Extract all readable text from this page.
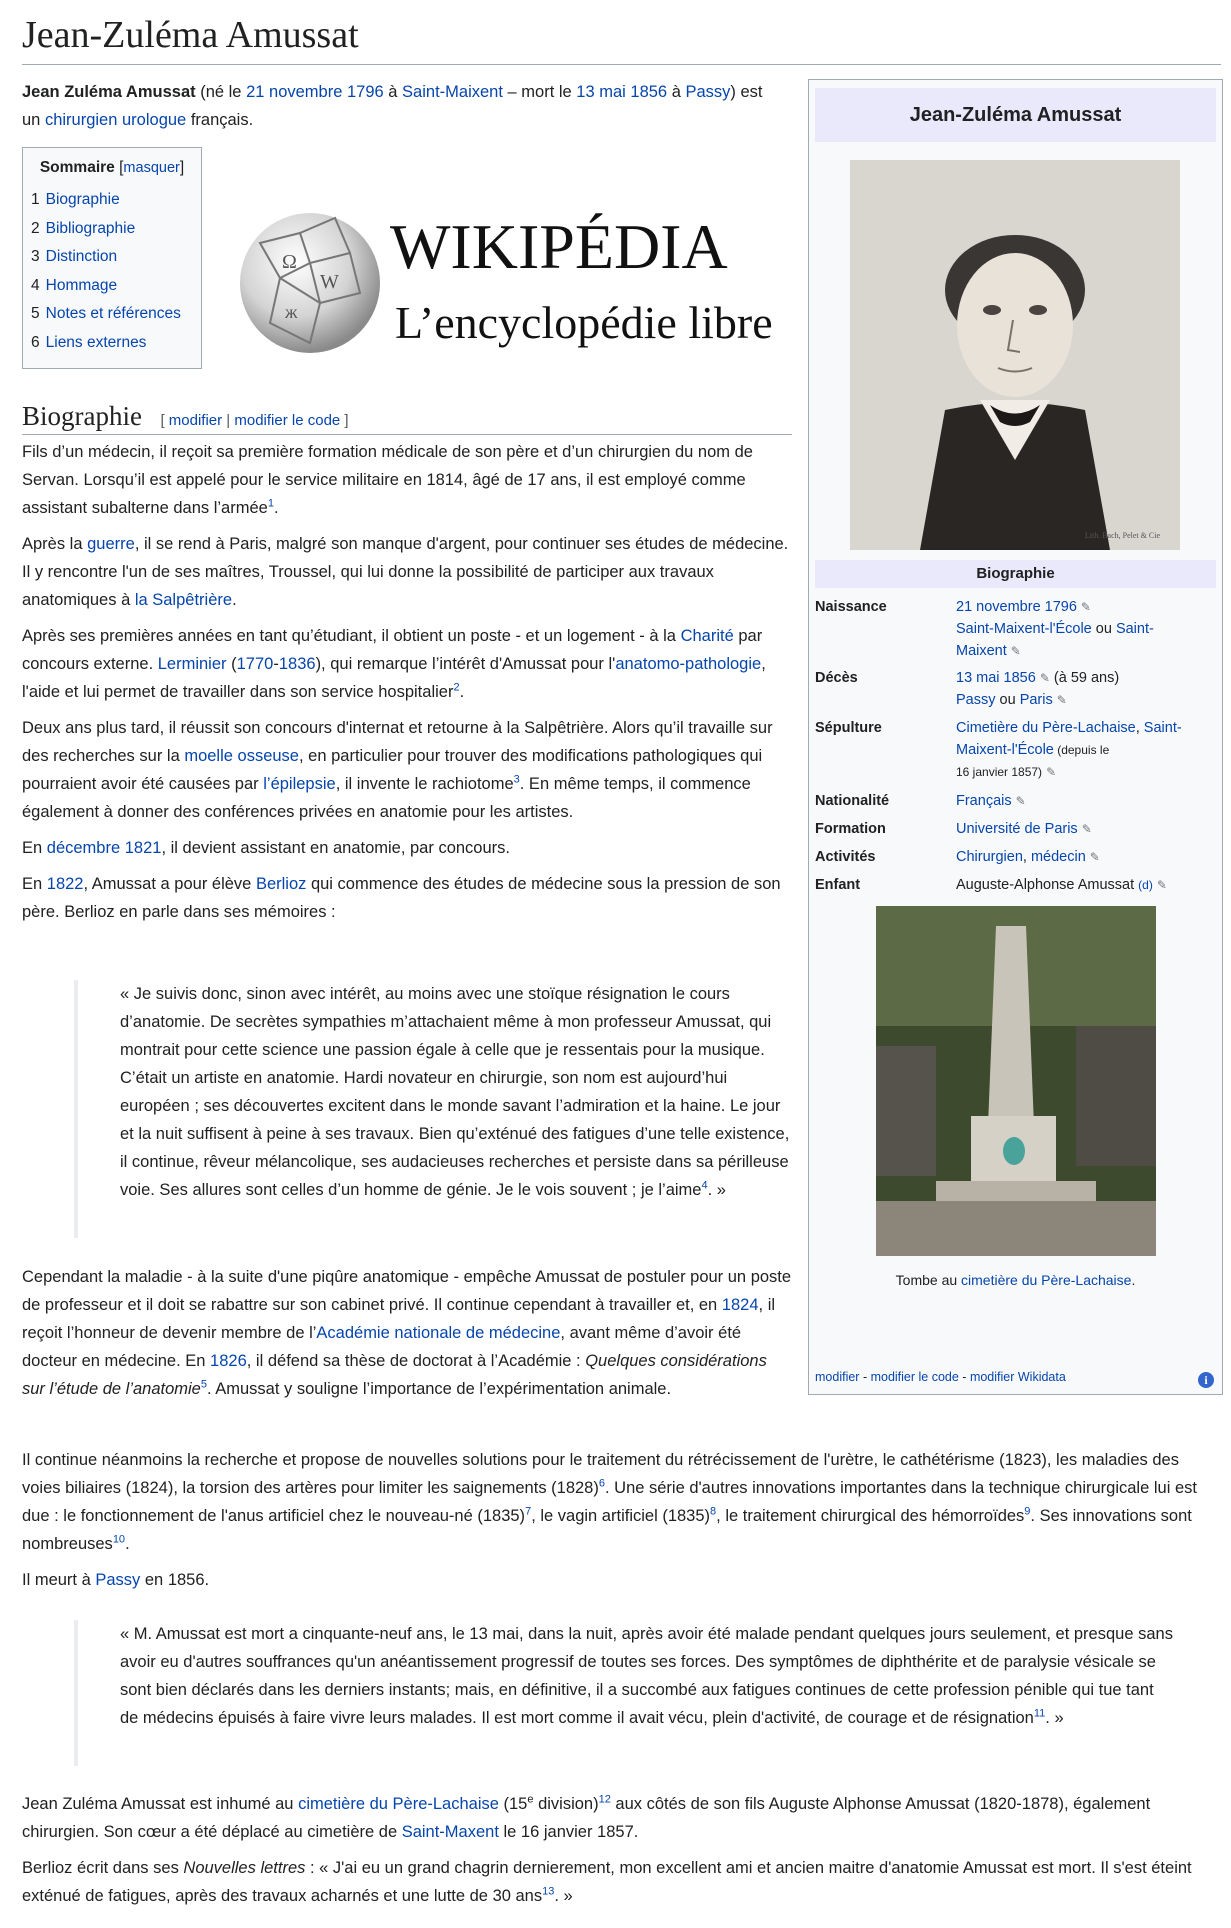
Jean-Zuléma Amussat

Jean Zuléma Amussat (né le 21 novembre 1796 à Saint-Maixent – mort le 13 mai 1856 à Passy) est un chirurgien urologue français.

Sommaire [masquer]
1 Biographie
2 Bibliographie
3 Distinction
4 Hommage
5 Notes et références
6 Liens externes
Ω
W
ж
WIKIPÉDIA
L’encyclopédie libre
Biographie [ modifier | modifier le code ]

Fils d’un médecin, il reçoit sa première formation médicale de son père et d’un chirurgien du nom de Servan. Lorsqu’il est appelé pour le service militaire en 1814, âgé de 17 ans, il est employé comme assistant subalterne dans l’armée$^1$.

Après la guerre, il se rend à Paris, malgré son manque d'argent, pour continuer ses études de médecine. Il y rencontre l'un de ses maîtres, Troussel, qui lui donne la possibilité de participer aux travaux anatomiques à la Salpêtrière.

Après ses premières années en tant qu’étudiant, il obtient un poste - et un logement - à la Charité par concours externe. Lerminier (1770-1836), qui remarque l’intérêt d'Amussat pour l'anatomo-pathologie, l'aide et lui permet de travailler dans son service hospitalier$^2$.

Deux ans plus tard, il réussit son concours d'internat et retourne à la Salpêtrière. Alors qu’il travaille sur des recherches sur la moelle osseuse, en particulier pour trouver des modifications pathologiques qui pourraient avoir été causées par l’épilepsie, il invente le rachiotome$^3$. En même temps, il commence également à donner des conférences privées en anatomie pour les artistes.

En décembre 1821, il devient assistant en anatomie, par concours.

En 1822, Amussat a pour élève Berlioz qui commence des études de médecine sous la pression de son père. Berlioz en parle dans ses mémoires :

« Je suivis donc, sinon avec intérêt, au moins avec une stoïque résignation le cours d’anatomie. De secrètes sympathies m’attachaient même à mon professeur Amussat, qui montrait pour cette science une passion égale à celle que je ressentais pour la musique. C’était un artiste en anatomie. Hardi novateur en chirurgie, son nom est aujourd’hui européen ; ses découvertes excitent dans le monde savant l’admiration et la haine. Le jour et la nuit suffisent à peine à ses travaux. Bien qu’exténué des fatigues d’une telle existence, il continue, rêveur mélancolique, ses audacieuses recherches et persiste dans sa périlleuse voie. Ses allures sont celles d’un homme de génie. Je le vois souvent ; je l’aime$^4$. »

Cependant la maladie - à la suite d'une piqûre anatomique - empêche Amussat de postuler pour un poste de professeur et il doit se rabattre sur son cabinet privé. Il continue cependant à travailler et, en 1824, il reçoit l’honneur de devenir membre de l’Académie nationale de médecine, avant même d’avoir été docteur en médecine. En 1826, il défend sa thèse de doctorat à l’Académie : Quelques considérations sur l’étude de l’anatomie$^5$. Amussat y souligne l’importance de l’expérimentation animale.

Il continue néanmoins la recherche et propose de nouvelles solutions pour le traitement du rétrécissement de l'urètre, le cathétérisme (1823), les maladies des voies biliaires (1824), la torsion des artères pour limiter les saignements $(1828)^6$. Une série d'autres innovations importantes dans la technique chirurgicale lui est due : le fonctionnement de l'anus artificiel chez le nouveau-né $(1835)^7$, le vagin artificiel $(1835)^8$, le traitement chirurgical des hémorroïdes$^9$. Ses innovations sont nombreuses$^{10}$.

Il meurt à Passy en 1856.

« M. Amussat est mort a cinquante-neuf ans, le 13 mai, dans la nuit, après avoir été malade pendant quelques jours seulement, et presque sans avoir eu d'autres souffrances qu'un anéantissement progressif de toutes ses forces. Des symptômes de diphthérite et de paralysie vésicale se sont bien déclarés dans les derniers instants; mais, en définitive, il a succombé aux fatigues continues de cette profession pénible qui tue tant de médecins épuisés à faire vivre leurs malades. Il est mort comme il avait vécu, plein d'activité, de courage et de résignation$^{11}$. »

Jean Zuléma Amussat est inhumé au cimetière du Père-Lachaise (15e division)$^{12}$ aux côtés de son fils Auguste Alphonse Amussat (1820-1878), également chirurgien. Son cœur a été déplacé au cimetière de Saint-Maxent le 16 janvier 1857.

Berlioz écrit dans ses Nouvelles lettres : « J'ai eu un grand chagrin dernierement, mon excellent ami et ancien maitre d'anatomie Amussat est mort. Il s'est éteint exténué de fatigues, après des travaux acharnés et une lutte de 30 ans$^{13}$. »

Jean-Zuléma Amussat
Lith. Bach, Pelet & Cie
Biographie
Naissance	21 novembre 1796 ✎
Saint-Maixent-l'École ou Saint-Maixent ✎
Décès	13 mai 1856 ✎ (à 59 ans)
Passy ou Paris ✎
Sépulture	Cimetière du Père-Lachaise, Saint-Maixent-l'École (depuis le
16 janvier 1857) ✎
Nationalité	Français ✎
Formation	Université de Paris ✎
Activités	Chirurgien, médecin ✎
Enfant	Auguste-Alphonse Amussat (d) ✎
Tombe au cimetière du Père-Lachaise.
modifier - modifier le code - modifier Wikidata	i
